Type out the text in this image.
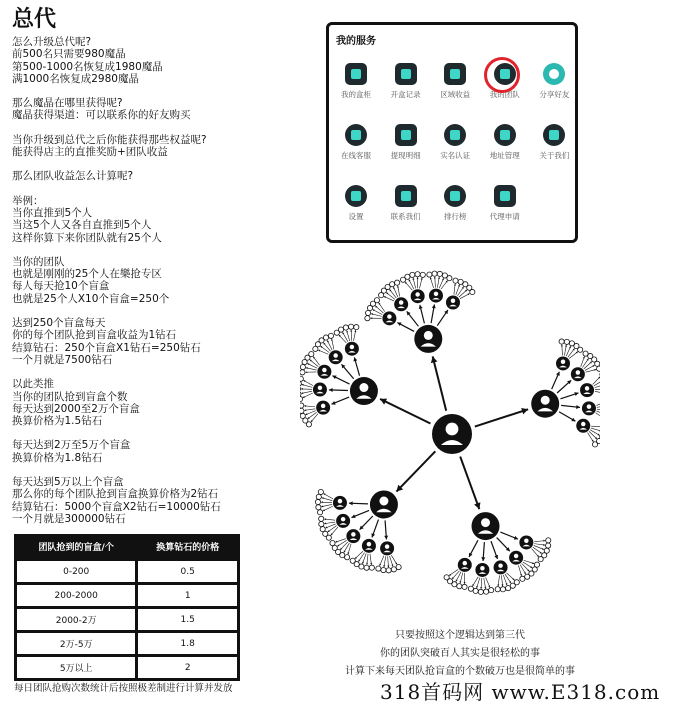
总代
怎么升级总代呢?
前500名只需要980魔晶
第500-1000名恢复成1980魔晶
满1000名恢复成2980魔晶
那么魔晶在哪里获得呢?
魔晶获得渠道：可以联系你的好友购买
当你升级到总代之后你能获得那些权益呢?
能获得店主的直推奖励+团队收益
那么团队收益怎么计算呢?
举例：
当你直推到5个人
当这5个人又各自直推到5个人
这样你算下来你团队就有25个人
当你的团队
也就是刚刚的25个人在樂抢专区
每人每天抢10个盲盒
也就是25个人X10个盲盒=250个
达到250个盲盒每天
你的每个团队抢到盲盒收益为1钻石
结算钻石：250个盲盒X1钻石=250钻石
一个月就是7500钻石
以此类推
当你的团队抢到盲盒个数
每天达到2000至2万个盲盒
换算价格为1.5钻石
每天达到2万至5万个盲盒
换算价格为1.8钻石
每天达到5万以上个盲盒
那么你的每个团队抢到盲盒换算价格为2钻石
结算钻石：5000个盲盒X2钻石=10000钻石
一个月就是300000钻石
团队抢到的盲盒/个	换算钻石的价格
0-200	0.5
200-2000	1
2000-2万	1.5
2万-5万	1.8
5万以上	2
每日团队抢购次数统计后按照极差制进行计算并发放
我的服务
我的盒柜	开盒记录	区域收益	我的团队	分享好友
在线客服	提现明细	实名认证	地址管理	关于我们
设置	联系我们	排行榜	代理申请
只要按照这个逻辑达到第三代
你的团队突破百人其实是很轻松的事
计算下来每天团队抢盲盒的个数破万也是很简单的事
318首码网 www.E318.com
